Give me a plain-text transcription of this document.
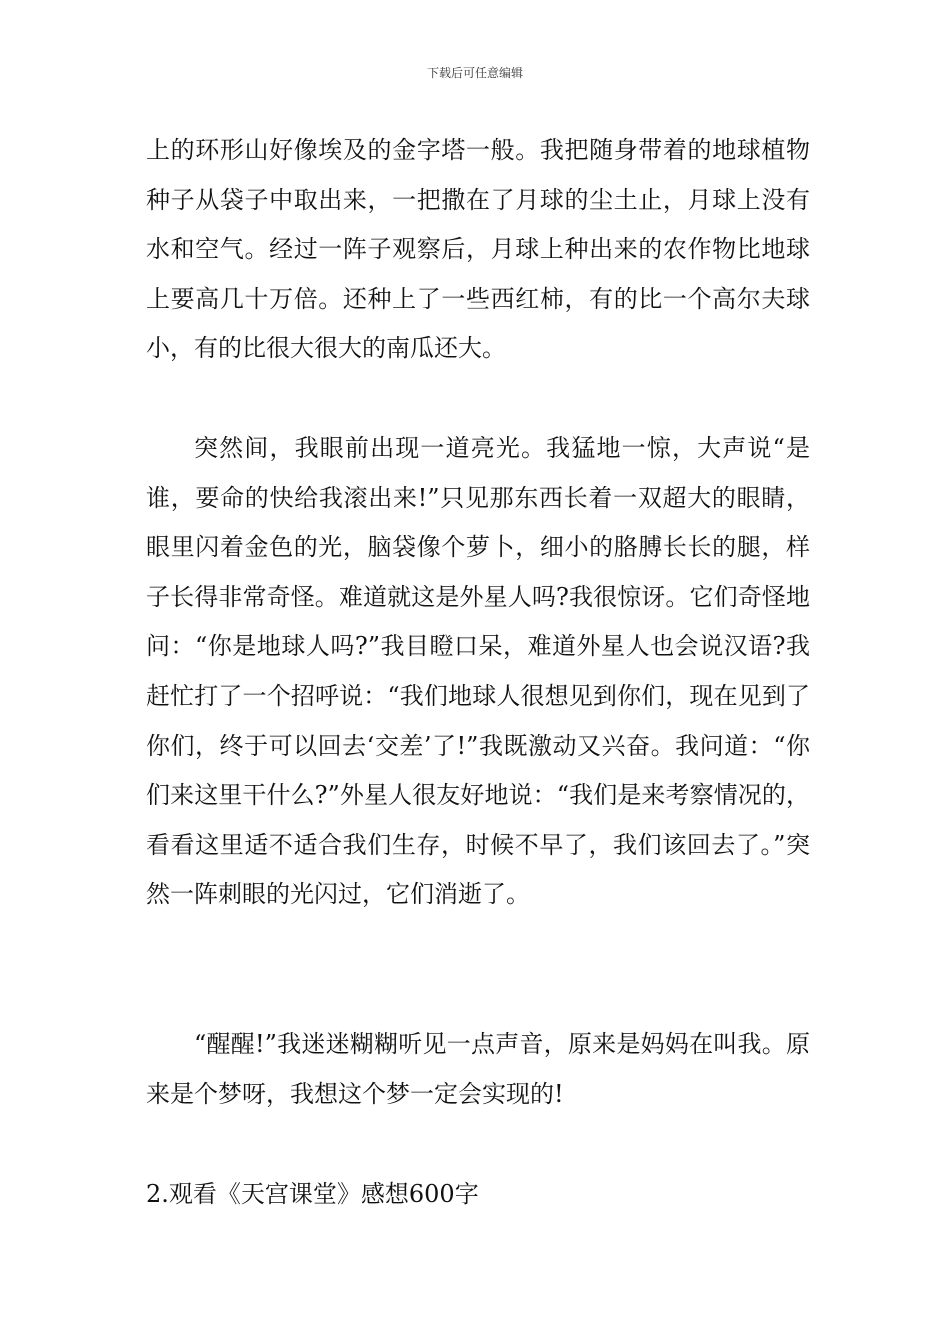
下载后可任意编辑

上的环形山好像埃及的金字塔一般。我把随身带着的地球植物种子从袋子中取出来，一把撒在了月球的尘土止，月球上没有水和空气。经过一阵子观察后，月球上种出来的农作物比地球上要高几十万倍。还种上了一些西红柿，有的比一个高尔夫球小，有的比很大很大的南瓜还大。

突然间，我眼前出现一道亮光。我猛地一惊，大声说“是谁，要命的快给我滚出来!”只见那东西长着一双超大的眼睛，眼里闪着金色的光，脑袋像个萝卜，细小的胳膊长长的腿，样子长得非常奇怪。难道就这是外星人吗?我很惊讶。它们奇怪地问：“你是地球人吗?”我目瞪口呆，难道外星人也会说汉语?我赶忙打了一个招呼说：“我们地球人很想见到你们，现在见到了你们，终于可以回去‘交差’了!”我既激动又兴奋。我问道：“你们来这里干什么?”外星人很友好地说：“我们是来考察情况的，看看这里适不适合我们生存，时候不早了，我们该回去了。”突然一阵刺眼的光闪过，它们消逝了。

“醒醒!”我迷迷糊糊听见一点声音，原来是妈妈在叫我。原来是个梦呀，我想这个梦一定会实现的!

2.观看《天宫课堂》感想600字
